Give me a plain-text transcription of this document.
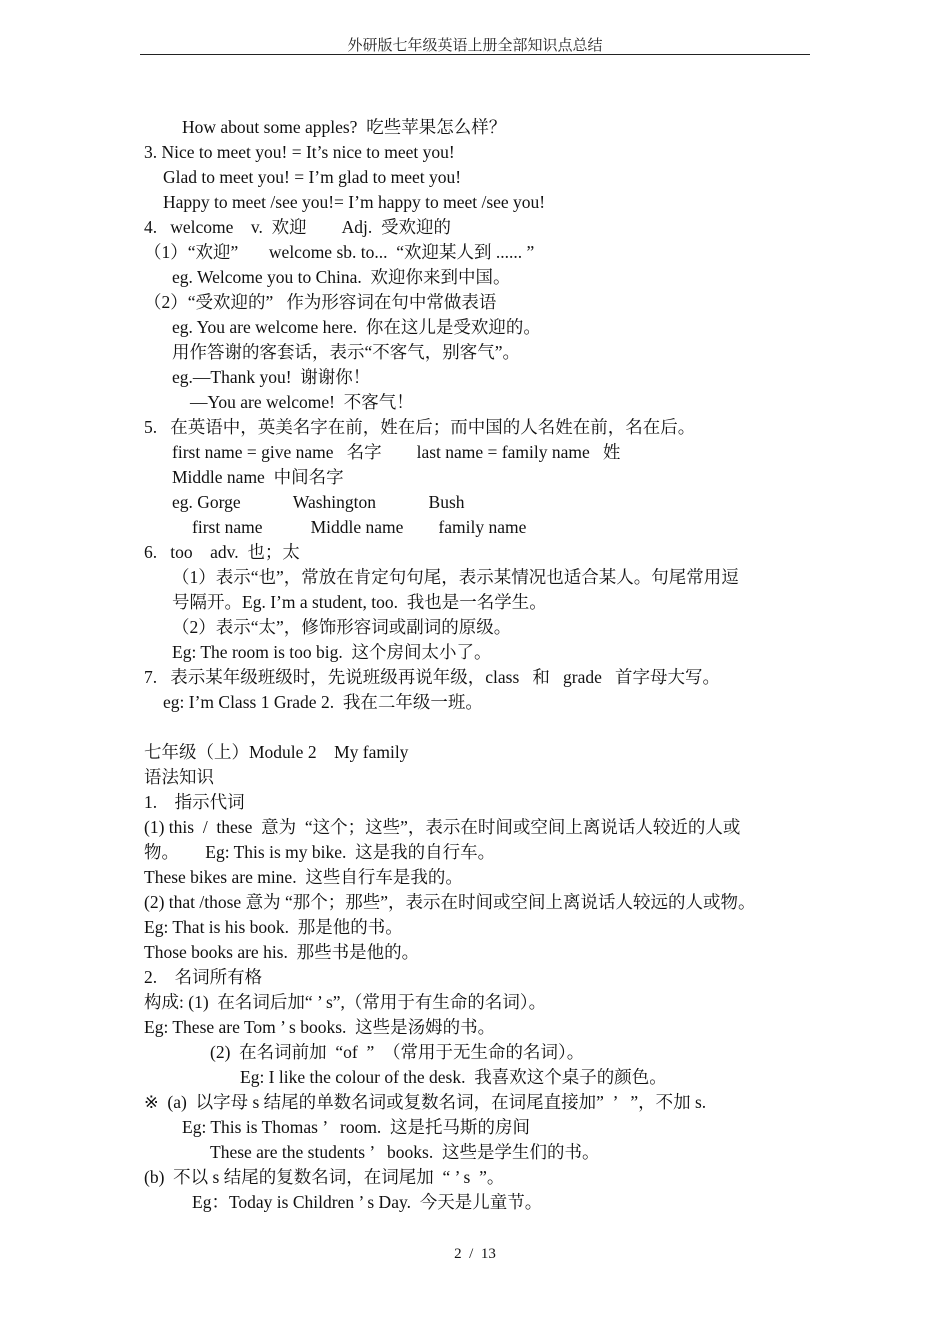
外研版七年级英语上册全部知识点总结
How about some apples?  吃些苹果怎么样？
3. Nice to meet you! = It’s nice to meet you!
Glad to meet you! = I’m glad to meet you!
Happy to meet /see you!= I’m happy to meet /see you!
4.   welcome    v.  欢迎        Adj.  受欢迎的
（1）“欢迎”       welcome sb. to...  “欢迎某人到 ...... ”
eg. Welcome you to China.  欢迎你来到中国。
（2）“受欢迎的”   作为形容词在句中常做表语
eg. You are welcome here.  你在这儿是受欢迎的。
用作答谢的客套话，表示“不客气，别客气”。
eg.—Thank you!  谢谢你！
—You are welcome!  不客气！
5.   在英语中，英美名字在前，姓在后；而中国的人名姓在前，名在后。
first name = give name   名字        last name = family name   姓
Middle name  中间名字
eg. Gorge            Washington            Bush
first name           Middle name        family name
6.   too    adv.  也；太
（1）表示“也”，常放在肯定句句尾，表示某情况也适合某人。句尾常用逗
号隔开。Eg. I’m a student, too.  我也是一名学生。
（2）表示“太”，修饰形容词或副词的原级。
Eg: The room is too big.  这个房间太小了。
7.   表示某年级班级时，先说班级再说年级，class   和   grade   首字母大写。
eg: I’m Class 1 Grade 2.  我在二年级一班。
七年级（上）Module 2    My family
语法知识
1.    指示代词
(1) this  /  these  意为  “这个；这些”，表示在时间或空间上离说话人较近的人或
物。      Eg: This is my bike.  这是我的自行车。
These bikes are mine.  这些自行车是我的。
(2) that /those 意为 “那个；那些”，表示在时间或空间上离说话人较远的人或物。
Eg: That is his book.  那是他的书。
Those books are his.  那些书是他的。
2.    名词所有格
构成: (1)  在名词后加“ ’ s”,（常用于有生命的名词）。
Eg: These are Tom ’ s books.  这些是汤姆的书。
(2)  在名词前加  “of  ”  （常用于无生命的名词）。
Eg: I like the colour of the desk.  我喜欢这个桌子的颜色。
※  (a)  以字母 s 结尾的单数名词或复数名词，在词尾直接加”  ’   ”，不加 s.
Eg: This is Thomas ’   room.  这是托马斯的房间
These are the students ’   books.  这些是学生们的书。
(b)  不以 s 结尾的复数名词，在词尾加  “ ’ s  ”。
Eg：Today is Children ’ s Day.  今天是儿童节。
2  /  13
